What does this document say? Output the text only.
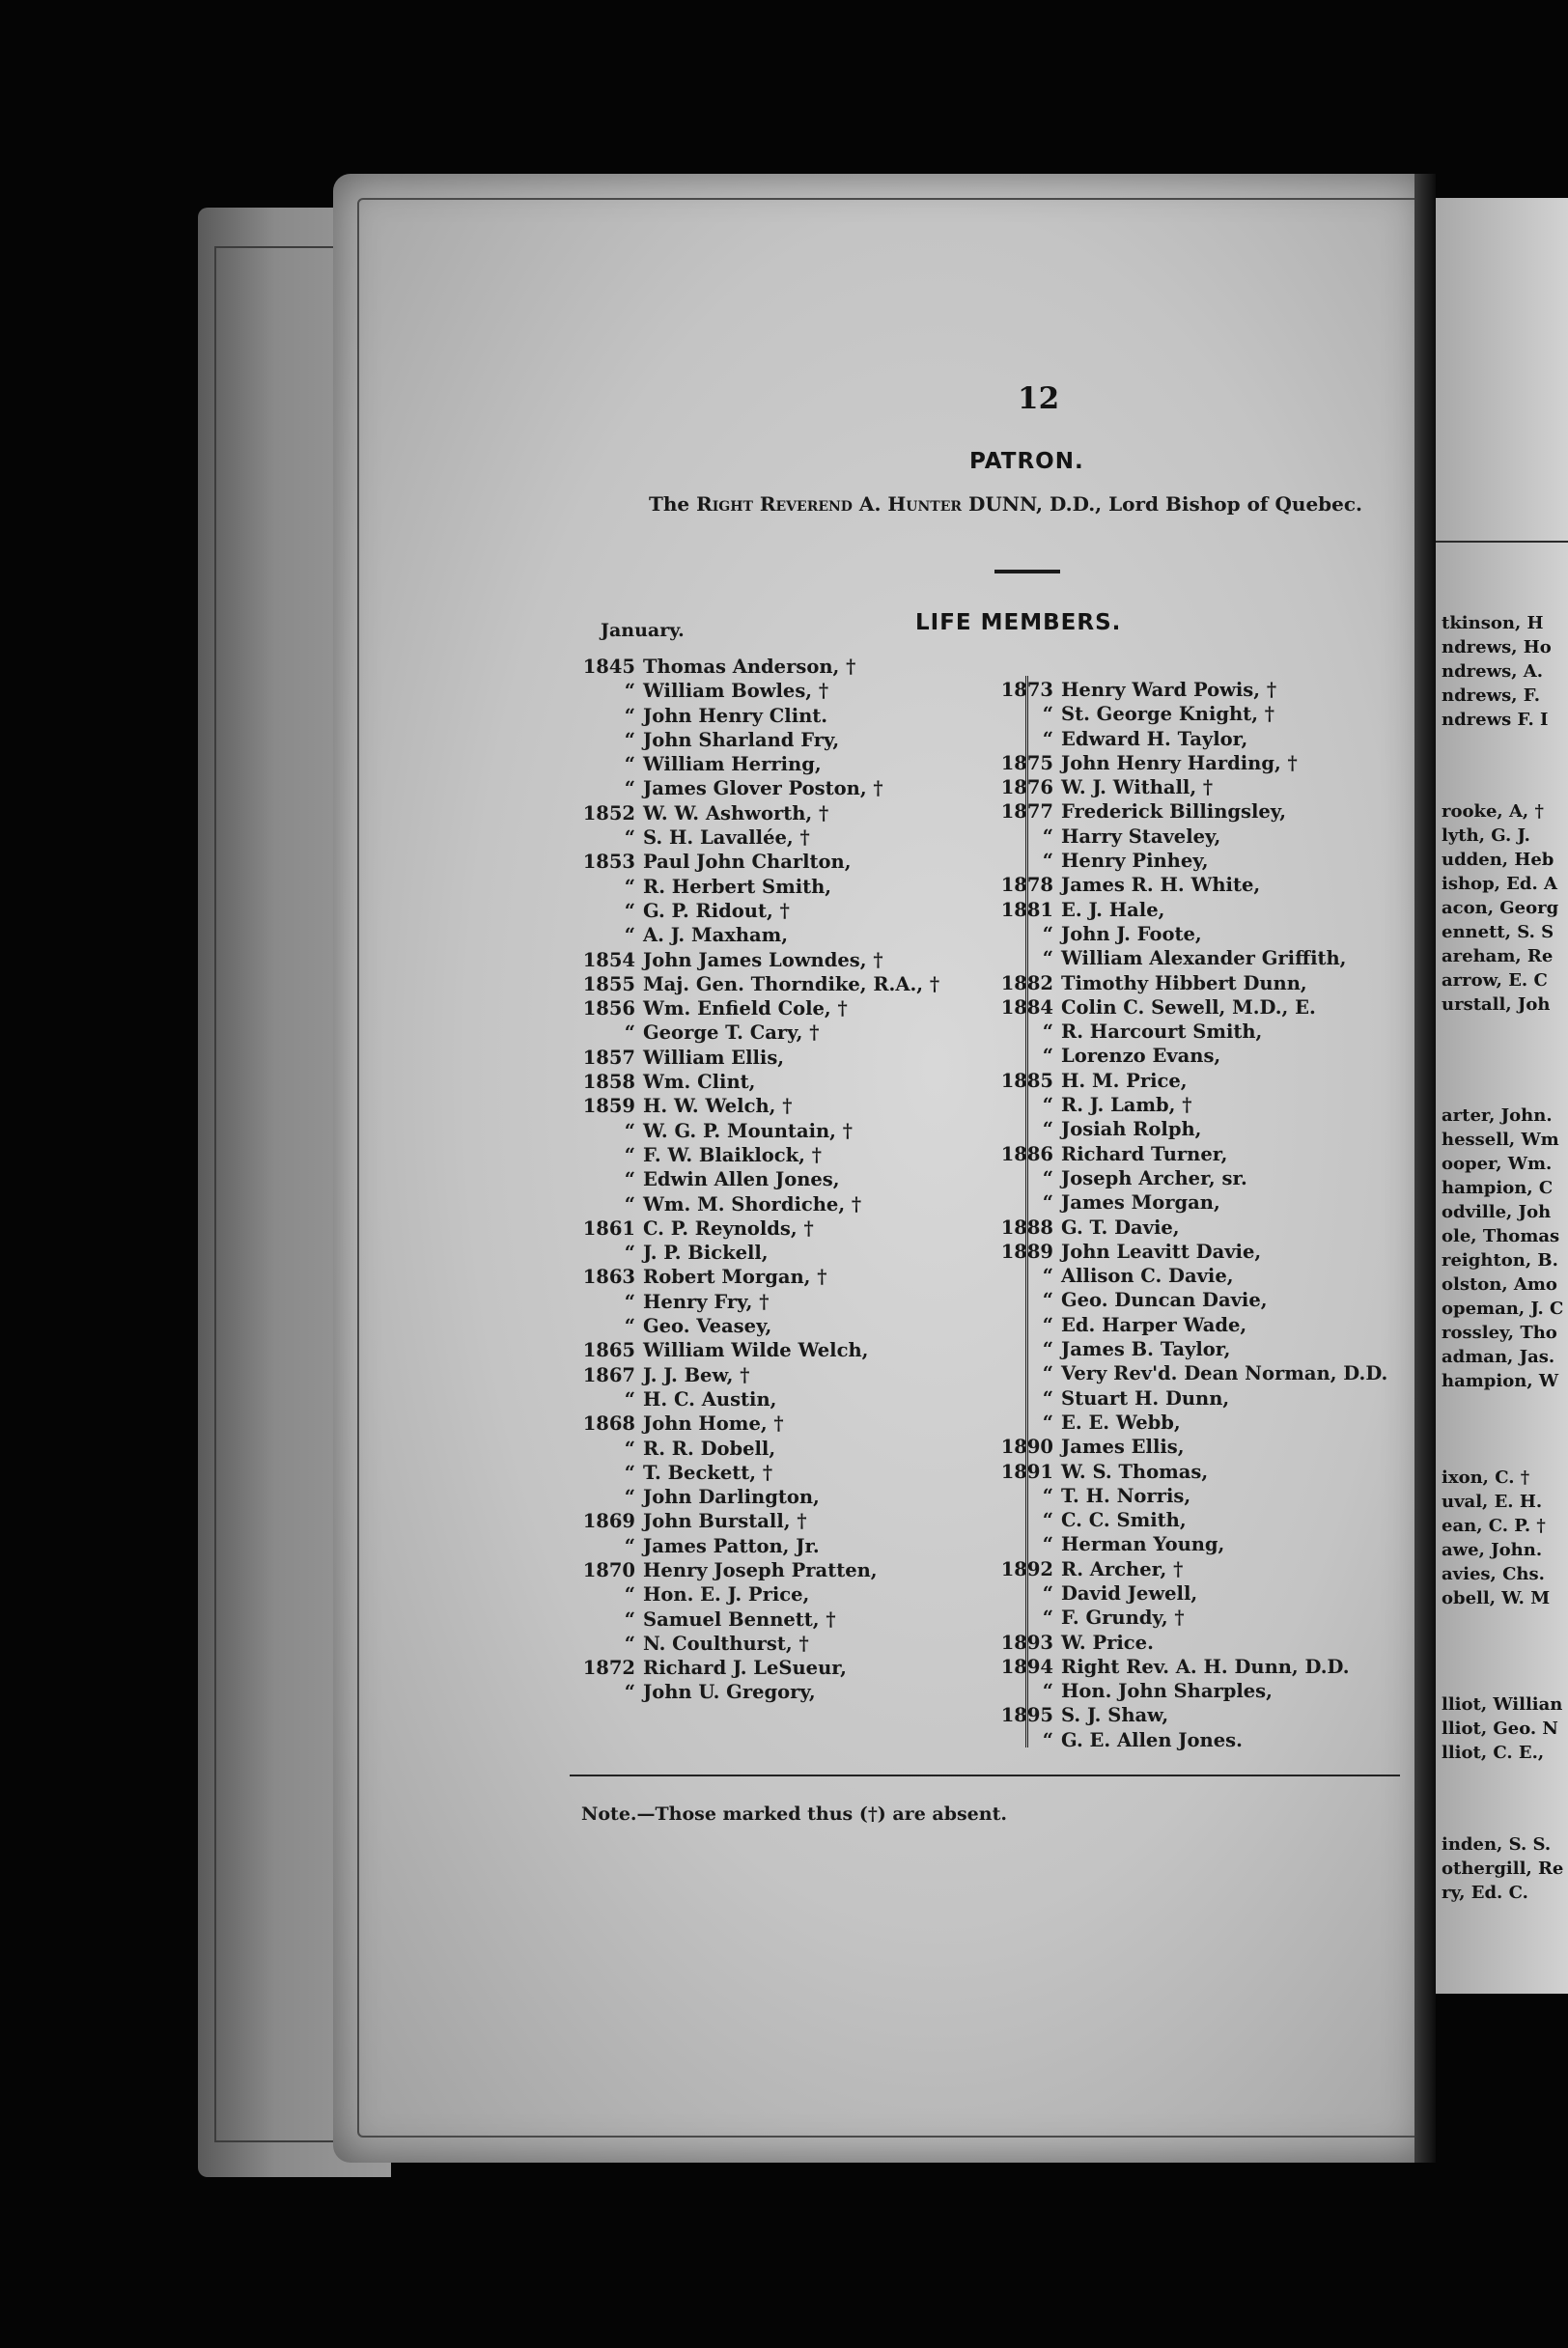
tkinson, H
ndrews, Ho
ndrews, A.
ndrews, F.
ndrews F. I
rooke, A, †
lyth, G. J.
udden, Heb
ishop, Ed. A
acon, Georg
ennett, S. S
areham, Re
arrow, E. C
urstall, Joh
arter, John.
hessell, Wm
ooper, Wm.
hampion, C
odville, Joh
ole, Thomas
reighton, B.
olston, Amo
opeman, J. C
rossley, Tho
adman, Jas.
hampion, W
ixon, C. †
uval, E. H.
ean, C. P. †
awe, John.
avies, Chs.
obell, W. M
lliot, Willian
lliot, Geo. N
lliot, C. E.,
inden, S. S.
othergill, Re
ry, Ed. C.
12
PATRON.
The Right Reverend A. Hunter DUNN, D.D., Lord Bishop of Quebec.
LIFE MEMBERS.
January.
1845 Thomas Anderson, †
“ William Bowles, †
“ John Henry Clint.
“ John Sharland Fry,
“ William Herring,
“ James Glover Poston, †
1852 W. W. Ashworth, †
“ S. H. Lavallée, †
1853 Paul John Charlton,
“ R. Herbert Smith,
“ G. P. Ridout, †
“ A. J. Maxham,
1854 John James Lowndes, †
1855 Maj. Gen. Thorndike, R.A., †
1856 Wm. Enfield Cole, †
“ George T. Cary, †
1857 William Ellis,
1858 Wm. Clint,
1859 H. W. Welch, †
“ W. G. P. Mountain, †
“ F. W. Blaiklock, †
“ Edwin Allen Jones,
“ Wm. M. Shordiche, †
1861 C. P. Reynolds, †
“ J. P. Bickell,
1863 Robert Morgan, †
“ Henry Fry, †
“ Geo. Veasey,
1865 William Wilde Welch,
1867 J. J. Bew, †
“ H. C. Austin,
1868 John Home, †
“ R. R. Dobell,
“ T. Beckett, †
“ John Darlington,
1869 John Burstall, †
“ James Patton, Jr.
1870 Henry Joseph Pratten,
“ Hon. E. J. Price,
“ Samuel Bennett, †
“ N. Coulthurst, †
1872 Richard J. LeSueur,
“ John U. Gregory,
1873 Henry Ward Powis, †
“ St. George Knight, †
“ Edward H. Taylor,
1875 John Henry Harding, †
1876 W. J. Withall, †
1877 Frederick Billingsley,
“ Harry Staveley,
“ Henry Pinhey,
1878 James R. H. White,
1881 E. J. Hale,
“ John J. Foote,
“ William Alexander Griffith,
1882 Timothy Hibbert Dunn,
1884 Colin C. Sewell, M.D., E.
“ R. Harcourt Smith,
“ Lorenzo Evans,
1885 H. M. Price,
“ R. J. Lamb, †
“ Josiah Rolph,
1886 Richard Turner,
“ Joseph Archer, sr.
“ James Morgan,
1888 G. T. Davie,
1889 John Leavitt Davie,
“ Allison C. Davie,
“ Geo. Duncan Davie,
“ Ed. Harper Wade,
“ James B. Taylor,
“ Very Rev'd. Dean Norman, D.D.
“ Stuart H. Dunn,
“ E. E. Webb,
1890 James Ellis,
1891 W. S. Thomas,
“ T. H. Norris,
“ C. C. Smith,
“ Herman Young,
1892 R. Archer, †
“ David Jewell,
“ F. Grundy, †
1893 W. Price.
1894 Right Rev. A. H. Dunn, D.D.
“ Hon. John Sharples,
1895 S. J. Shaw,
“ G. E. Allen Jones.
Note.—Those marked thus (†) are absent.
